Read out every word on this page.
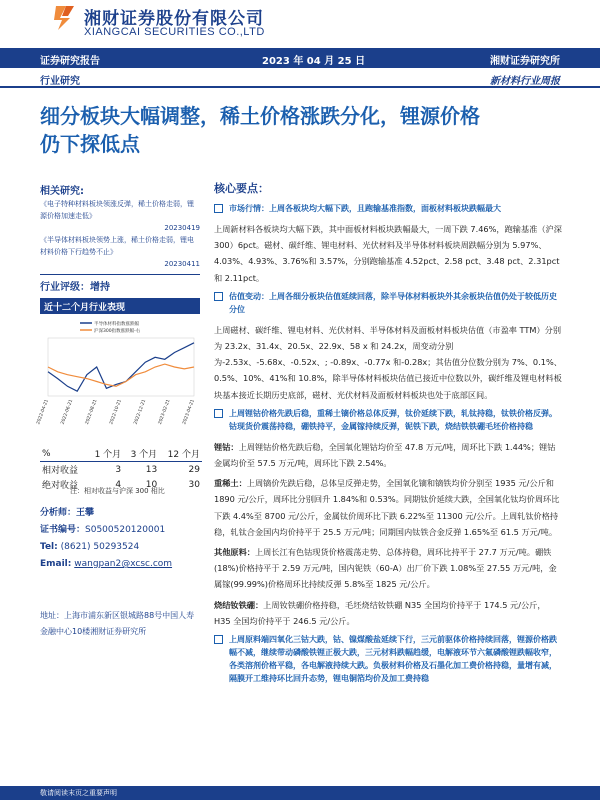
湘财证券股份有限公司
XIANGCAI SECURITIES CO.,LTD
证券研究报告	2023 年 04 月 25 日	湘财证券研究所
行业研究	新材料行业周报
细分板块大幅调整，稀土价格涨跌分化，锂源价格
仍下探低点
相关研究:
《电子特种材料板块领涨反弹，稀土价格走弱，锂源价格加速走低》
20230419
《半导体材料板块领势上涨，稀土价格走弱，锂电材料价格下行趋势不止》
20230411
行业评级：增持
近十二个月行业表现
半导体材料指数涨跌幅
沪深300指数涨跌幅-右
2022-04-21 2022-06-21 2022-08-21 2022-10-21 2022-12-21 2023-02-21 2023-04-21
%	1 个月	3 个月	12 个月
相对收益	3	13	29
绝对收益	4	10	30
注：相对收益与沪深 300 相比
分析师：王攀
证书编号：S0500520120001
Tel: (8621) 50293524
Email: wangpan2@xcsc.com
地址：上海市浦东新区银城路88号中国人寿金融中心10楼湘财证券研究所
核心要点：
市场行情：上周各板块均大幅下跌，且跑输基准指数，面板材料板块跌幅最大
上周新材料各板块均大幅下跌，其中面板材料板块跌幅最大，一周下跌 7.46%，跑输基准（沪深 300）6pct。磁材、碳纤维、锂电材料、光伏材料及半导体材料板块周跌幅分别为 5.97%、4.03%、4.93%、3.76%和 3.57%，分别跑输基准 4.52pct、2.58 pct、3.48 pct、2.31pct 和 2.11pct。
估值变动：上周各细分板块估值延续回落，除半导体材料板块外其余板块估值仍处于较低历史分位
上周磁材、碳纤维、锂电材料、光伏材料、半导体材料及面板材料板块估值（市盈率 TTM）分别为 23.2x、31.4x、20.5x、22.9x、58 x 和 24.2x，周变动分别为-2.53x、-5.68x、-0.52x、; -0.89x、-0.77x 和-0.28x；其估值分位数分别为 7%、0.1%、0.5%、10%、41%和 10.8%，除半导体材料板块估值已接近中位数以外，碳纤维及锂电材料板块基本接近长期历史底部，磁材、光伏材料及面板材料板块也处于底部区间。
上周锂钴价格先跌后稳，重稀土镝价格总体反弹，钛价延续下跌，轧钛持稳，钛铁价格反弹。钴现货价震荡持稳，硼铁持平，金属镓持续反弹，铌铁下跌，烧结铁铁硼毛坯价格持稳
锂钴：上周锂钴价格先跌后稳，全国氧化锂钴均价至 47.8 万元/吨，周环比下跌 1.44%；锂钴金属均价至 57.5 万元/吨，周环比下跌 2.54%。
重稀土：上周镝价先跌后稳，总体呈反弹走势，全国氧化镝和镝铁均价分别至 1935 元/公斤和 1890 元/公斤，周环比分别回升 1.84%和 0.53%。同期钛价延续大跌，全国氧化钛均价周环比下跌 4.4%至 8700 元/公斤，金属钛价周环比下跌 6.22%至 11300 元/公斤。上周轧钛价格持稳，轧钛合金国内均价持平于 25.5 万元/吨；同期国内钛铁合金反弹 1.65%至 61.5 万元/吨。
其他原料：上周长江有色钴现货价格震荡走势、总体持稳，周环比持平于 27.7 万元/吨。硼铁(18%)价格持平于 2.59 万元/吨，国内铌铁（60-A）出厂价下跌 1.08%至 27.55 万元/吨，金属镓(99.99%)价格周环比持续反弹 5.8%至 1825 元/公斤。
烧结钕铁硼：上周钕铁硼价格持稳，毛坯烧结钕铁硼 N35 全国均价持平于 174.5 元/公斤，H35 全国均价持平于 246.5 元/公斤。
上周原料端四氧化三钴大跌，钴、镍煤酸盐延续下行，三元前驱体价格持续回落，锂源价格跌幅不减，继续带动磷酸铁锂正极大跌，三元材料跌幅趋缓，电解液环节六氟磷酸锂跌幅收窄，各类溶剂价格平稳，各电解液持续大跌。负极材料价格及石墨化加工费价格持稳，量增有减，隔膜开工维持环比回升态势，锂电铜箔均价及加工费持稳
敬请阅读末页之重要声明
